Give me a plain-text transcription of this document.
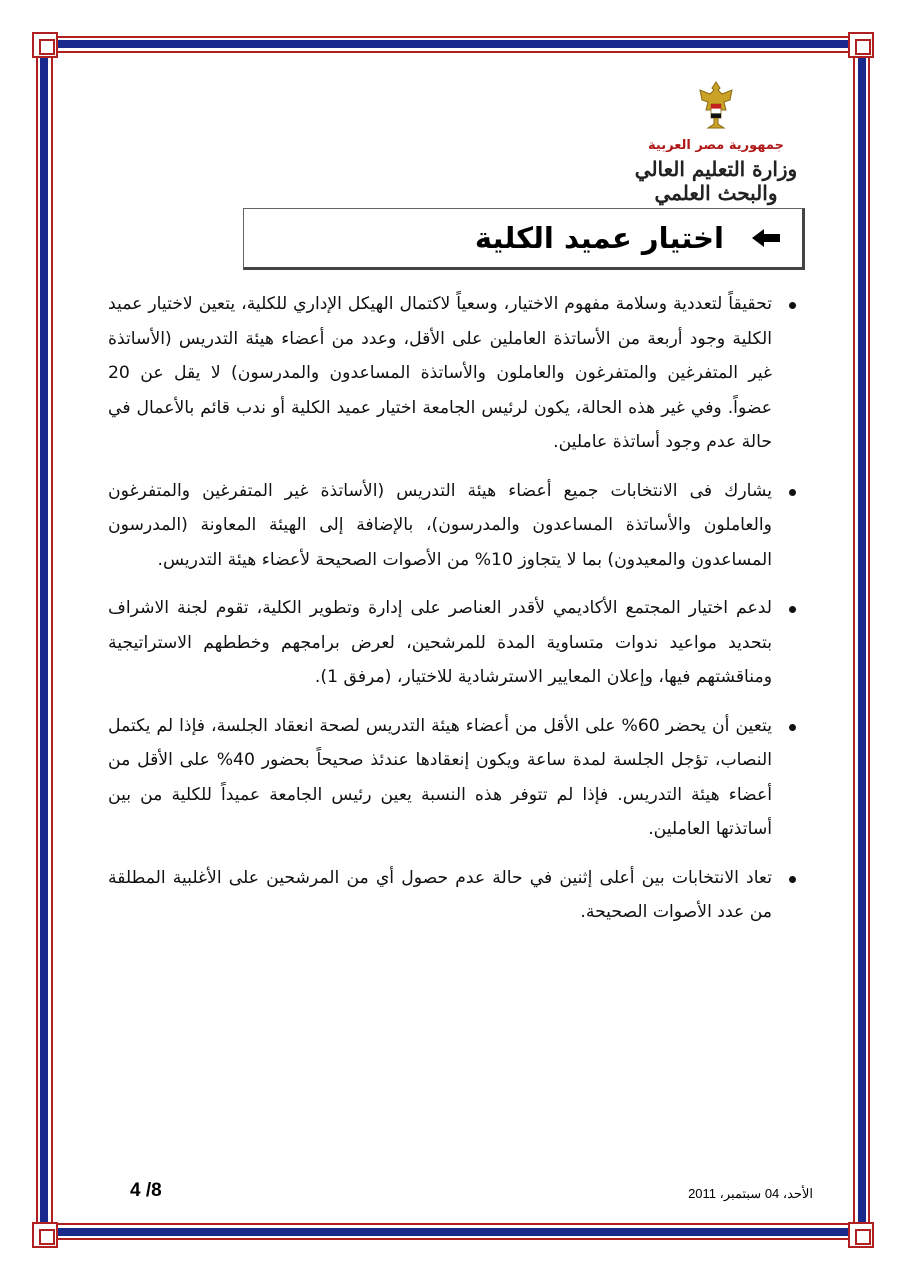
جمهورية مصر العربية
وزارة التعليم العالي والبحث العلمي
اختيار عميد الكلية
تحقيقاً لتعددية وسلامة مفهوم الاختيار، وسعياً لاكتمال الهيكل الإداري للكلية، يتعين لاختيار عميد الكلية وجود أربعة من الأساتذة العاملين على الأقل، وعدد من أعضاء هيئة التدريس (الأساتذة غير المتفرغين والمتفرغون والعاملون والأساتذة المساعدون والمدرسون) لا يقل عن 20 عضواً. وفي غير هذه الحالة، يكون لرئيس الجامعة اختيار عميد الكلية أو ندب قائم بالأعمال في حالة عدم وجود أساتذة عاملين.
يشارك فى الانتخابات جميع أعضاء هيئة التدريس (الأساتذة غير المتفرغين والمتفرغون والعاملون والأساتذة المساعدون والمدرسون)، بالإضافة إلى الهيئة المعاونة (المدرسون المساعدون والمعيدون) بما لا يتجاوز 10% من الأصوات الصحيحة لأعضاء هيئة التدريس.
لدعم اختيار المجتمع الأكاديمي لأقدر العناصر على إدارة وتطوير الكلية، تقوم لجنة الاشراف بتحديد مواعيد ندوات متساوية المدة للمرشحين، لعرض برامجهم وخططهم الاستراتيجية ومناقشتهم فيها، وإعلان المعايير الاسترشادية للاختيار، (مرفق 1).
يتعين أن يحضر 60% على الأقل من أعضاء هيئة التدريس لصحة انعقاد الجلسة، فإذا لم يكتمل النصاب، تؤجل الجلسة لمدة ساعة ويكون إنعقادها عندئذ صحيحاً بحضور 40% على الأقل من أعضاء هيئة التدريس. فإذا لم تتوفر هذه النسبة يعين رئيس الجامعة عميداً للكلية من بين أساتذتها العاملين.
تعاد الانتخابات بين أعلى إثنين في حالة عدم حصول أي من المرشحين على الأغلبية المطلقة من عدد الأصوات الصحيحة.
4 /8	الأحد، 04 سبتمبر، 2011
